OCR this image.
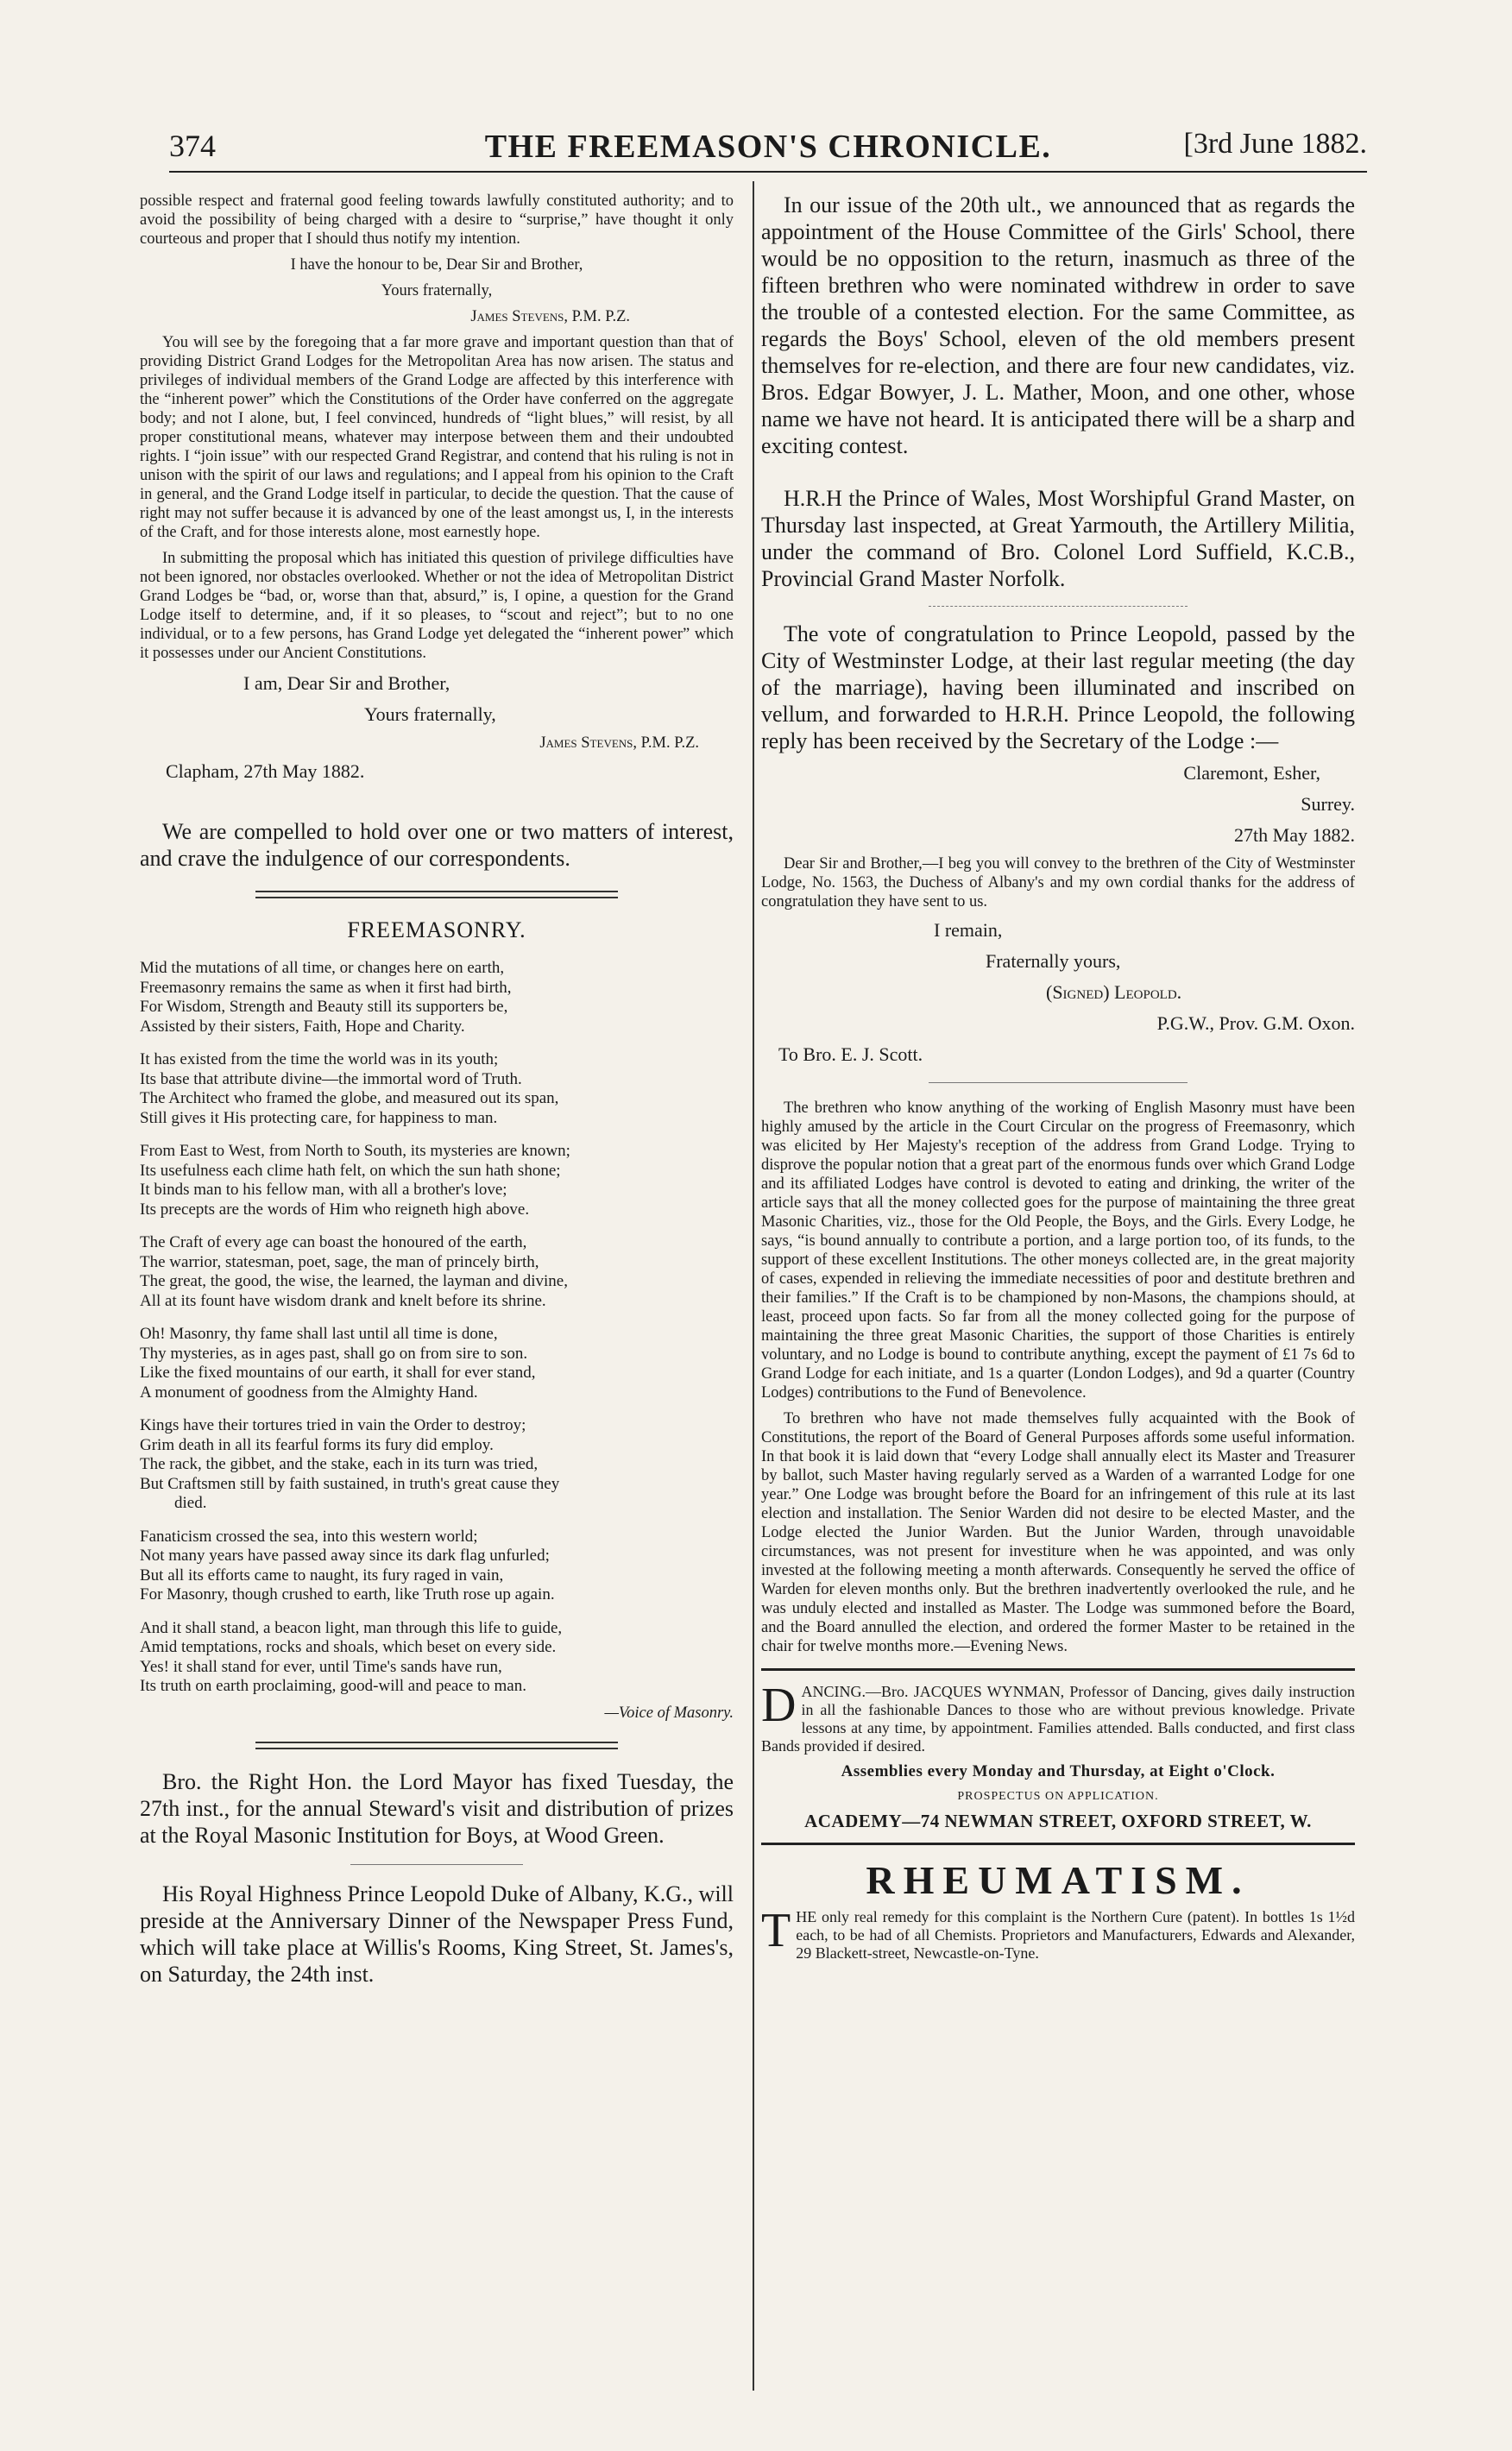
374	THE FREEMASON'S CHRONICLE.	[3rd June 1882.

possible respect and fraternal good feeling towards lawfully constituted authority; and to avoid the possibility of being charged with a desire to “surprise,” have thought it only courteous and proper that I should thus notify my intention.

I have the honour to be, Dear Sir and Brother,

Yours fraternally,

James Stevens, P.M. P.Z.

You will see by the foregoing that a far more grave and important question than that of providing District Grand Lodges for the Metropolitan Area has now arisen. The status and privileges of individual members of the Grand Lodge are affected by this interference with the “inherent power” which the Constitutions of the Order have conferred on the aggregate body; and not I alone, but, I feel convinced, hundreds of “light blues,” will resist, by all proper constitutional means, whatever may interpose between them and their undoubted rights. I “join issue” with our respected Grand Registrar, and contend that his ruling is not in unison with the spirit of our laws and regulations; and I appeal from his opinion to the Craft in general, and the Grand Lodge itself in particular, to decide the question. That the cause of right may not suffer because it is advanced by one of the least amongst us, I, in the interests of the Craft, and for those interests alone, most earnestly hope.

In submitting the proposal which has initiated this question of privilege difficulties have not been ignored, nor obstacles overlooked. Whether or not the idea of Metropolitan District Grand Lodges be “bad, or, worse than that, absurd,” is, I opine, a question for the Grand Lodge itself to determine, and, if it so pleases, to “scout and reject”; but to no one individual, or to a few persons, has Grand Lodge yet delegated the “inherent power” which it possesses under our Ancient Constitutions.

I am, Dear Sir and Brother,

Yours fraternally,

James Stevens, P.M. P.Z.

Clapham, 27th May 1882.

We are compelled to hold over one or two matters of interest, and crave the indulgence of our correspondents.

FREEMASONRY.
Mid the mutations of all time, or changes here on earth,
Freemasonry remains the same as when it first had birth,
For Wisdom, Strength and Beauty still its supporters be,
Assisted by their sisters, Faith, Hope and Charity.
It has existed from the time the world was in its youth;
Its base that attribute divine—the immortal word of Truth.
The Architect who framed the globe, and measured out its span,
Still gives it His protecting care, for happiness to man.
From East to West, from North to South, its mysteries are known;
Its usefulness each clime hath felt, on which the sun hath shone;
It binds man to his fellow man, with all a brother's love;
Its precepts are the words of Him who reigneth high above.
The Craft of every age can boast the honoured of the earth,
The warrior, statesman, poet, sage, the man of princely birth,
The great, the good, the wise, the learned, the layman and divine,
All at its fount have wisdom drank and knelt before its shrine.
Oh! Masonry, thy fame shall last until all time is done,
Thy mysteries, as in ages past, shall go on from sire to son.
Like the fixed mountains of our earth, it shall for ever stand,
A monument of goodness from the Almighty Hand.
Kings have their tortures tried in vain the Order to destroy;
Grim death in all its fearful forms its fury did employ.
The rack, the gibbet, and the stake, each in its turn was tried,
But Craftsmen still by faith sustained, in truth's great cause they
died.
Fanaticism crossed the sea, into this western world;
Not many years have passed away since its dark flag unfurled;
But all its efforts came to naught, its fury raged in vain,
For Masonry, though crushed to earth, like Truth rose up again.
And it shall stand, a beacon light, man through this life to guide,
Amid temptations, rocks and shoals, which beset on every side.
Yes! it shall stand for ever, until Time's sands have run,
Its truth on earth proclaiming, good-will and peace to man.

—Voice of Masonry.

Bro. the Right Hon. the Lord Mayor has fixed Tuesday, the 27th inst., for the annual Steward's visit and distribution of prizes at the Royal Masonic Institution for Boys, at Wood Green.

His Royal Highness Prince Leopold Duke of Albany, K.G., will preside at the Anniversary Dinner of the Newspaper Press Fund, which will take place at Willis's Rooms, King Street, St. James's, on Saturday, the 24th inst.

In our issue of the 20th ult., we announced that as regards the appointment of the House Committee of the Girls' School, there would be no opposition to the return, inasmuch as three of the fifteen brethren who were nominated withdrew in order to save the trouble of a contested election. For the same Committee, as regards the Boys' School, eleven of the old members present themselves for re-election, and there are four new candidates, viz. Bros. Edgar Bowyer, J. L. Mather, Moon, and one other, whose name we have not heard. It is anticipated there will be a sharp and exciting contest.

H.R.H the Prince of Wales, Most Worshipful Grand Master, on Thursday last inspected, at Great Yarmouth, the Artillery Militia, under the command of Bro. Colonel Lord Suffield, K.C.B., Provincial Grand Master Norfolk.

The vote of congratulation to Prince Leopold, passed by the City of Westminster Lodge, at their last regular meeting (the day of the marriage), having been illuminated and inscribed on vellum, and forwarded to H.R.H. Prince Leopold, the following reply has been received by the Secretary of the Lodge :—

Claremont, Esher,

Surrey.

27th May 1882.

Dear Sir and Brother,—I beg you will convey to the brethren of the City of Westminster Lodge, No. 1563, the Duchess of Albany's and my own cordial thanks for the address of congratulation they have sent to us.

I remain,

Fraternally yours,

(Signed) Leopold.

P.G.W., Prov. G.M. Oxon.

To Bro. E. J. Scott.

The brethren who know anything of the working of English Masonry must have been highly amused by the article in the Court Circular on the progress of Freemasonry, which was elicited by Her Majesty's reception of the address from Grand Lodge. Trying to disprove the popular notion that a great part of the enormous funds over which Grand Lodge and its affiliated Lodges have control is devoted to eating and drinking, the writer of the article says that all the money collected goes for the purpose of maintaining the three great Masonic Charities, viz., those for the Old People, the Boys, and the Girls. Every Lodge, he says, “is bound annually to contribute a portion, and a large portion too, of its funds, to the support of these excellent Institutions. The other moneys collected are, in the great majority of cases, expended in relieving the immediate necessities of poor and destitute brethren and their families.” If the Craft is to be championed by non-Masons, the champions should, at least, proceed upon facts. So far from all the money collected going for the purpose of maintaining the three great Masonic Charities, the support of those Charities is entirely voluntary, and no Lodge is bound to contribute anything, except the payment of £1 7s 6d to Grand Lodge for each initiate, and 1s a quarter (London Lodges), and 9d a quarter (Country Lodges) contributions to the Fund of Benevolence.

To brethren who have not made themselves fully acquainted with the Book of Constitutions, the report of the Board of General Purposes affords some useful information. In that book it is laid down that “every Lodge shall annually elect its Master and Treasurer by ballot, such Master having regularly served as a Warden of a warranted Lodge for one year.” One Lodge was brought before the Board for an infringement of this rule at its last election and installation. The Senior Warden did not desire to be elected Master, and the Lodge elected the Junior Warden. But the Junior Warden, through unavoidable circumstances, was not present for investiture when he was appointed, and was only invested at the following meeting a month afterwards. Consequently he served the office of Warden for eleven months only. But the brethren inadvertently overlooked the rule, and he was unduly elected and installed as Master. The Lodge was summoned before the Board, and the Board annulled the election, and ordered the former Master to be retained in the chair for twelve months more.—Evening News.

DANCING.—Bro. JACQUES WYNMAN, Professor of Dancing, gives daily instruction in all the fashionable Dances to those who are without previous knowledge. Private lessons at any time, by appointment. Families attended. Balls conducted, and first class Bands provided if desired.

Assemblies every Monday and Thursday, at Eight o'Clock.

PROSPECTUS ON APPLICATION.

ACADEMY—74 NEWMAN STREET, OXFORD STREET, W.

RHEUMATISM.

THE only real remedy for this complaint is the Northern Cure (patent). In bottles 1s 1½d each, to be had of all Chemists. Proprietors and Manufacturers, Edwards and Alexander, 29 Blackett-street, Newcastle-on-Tyne.
